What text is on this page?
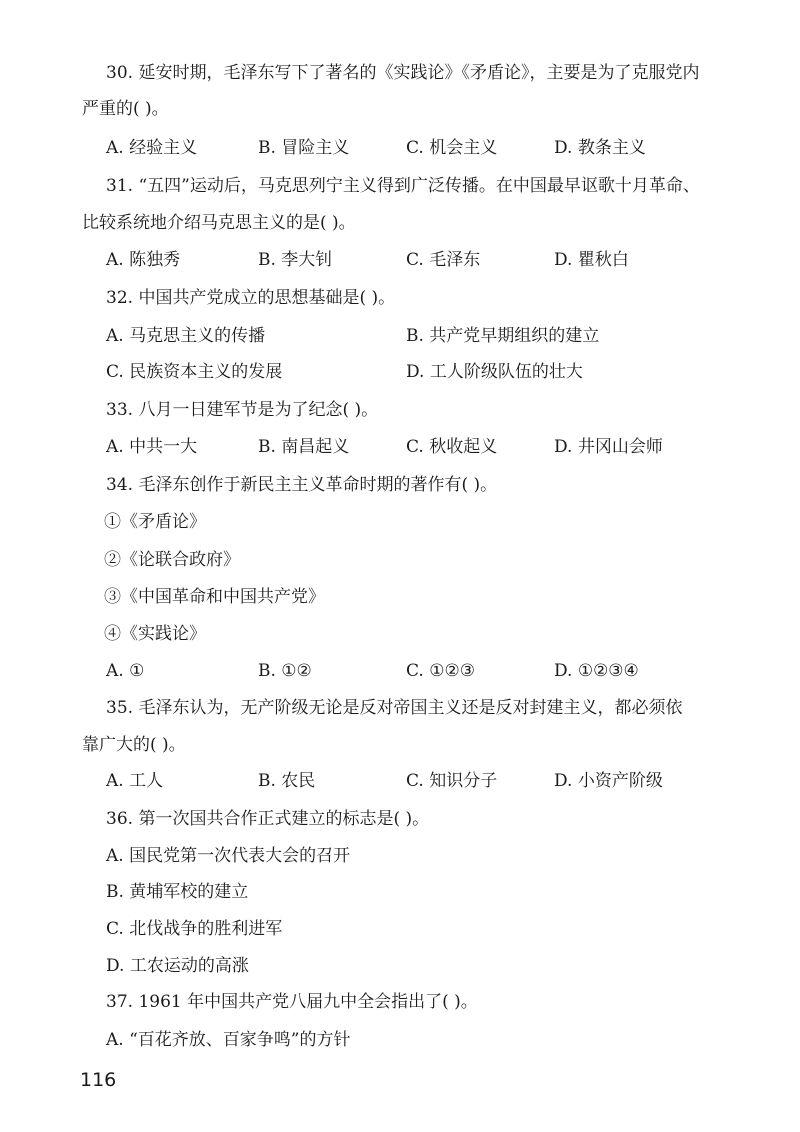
30. 延安时期，毛泽东写下了著名的《实践论》《矛盾论》，主要是为了克服党内
严重的( )。
A. 经验主义	B. 冒险主义	C. 机会主义	D. 教条主义
31. “五四”运动后，马克思列宁主义得到广泛传播。在中国最早讴歌十月革命、
比较系统地介绍马克思主义的是( )。
A. 陈独秀	B. 李大钊	C. 毛泽东	D. 瞿秋白
32. 中国共产党成立的思想基础是( )。
A. 马克思主义的传播	B. 共产党早期组织的建立
C. 民族资本主义的发展	D. 工人阶级队伍的壮大
33. 八月一日建军节是为了纪念( )。
A. 中共一大	B. 南昌起义	C. 秋收起义	D. 井冈山会师
34. 毛泽东创作于新民主主义革命时期的著作有( )。
①《矛盾论》
②《论联合政府》
③《中国革命和中国共产党》
④《实践论》
A. ①	B. ①②	C. ①②③	D. ①②③④
35. 毛泽东认为，无产阶级无论是反对帝国主义还是反对封建主义，都必须依
靠广大的( )。
A. 工人	B. 农民	C. 知识分子	D. 小资产阶级
36. 第一次国共合作正式建立的标志是( )。
A. 国民党第一次代表大会的召开
B. 黄埔军校的建立
C. 北伐战争的胜利进军
D. 工农运动的高涨
37. 1961 年中国共产党八届九中全会指出了( )。
A. “百花齐放、百家争鸣”的方针
116
